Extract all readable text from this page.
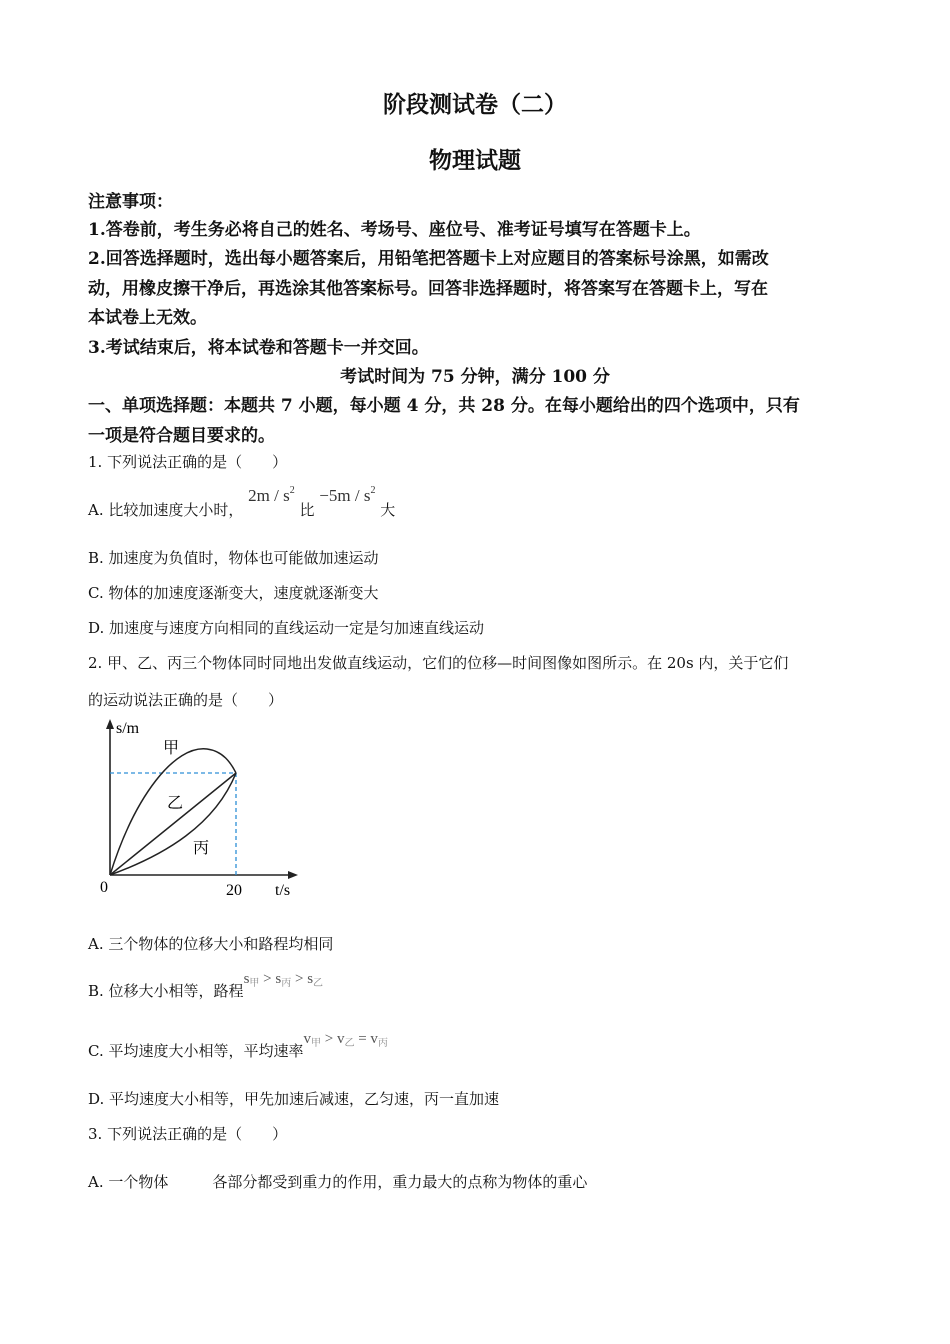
阶段测试卷（二）
物理试题
注意事项：
1.答卷前，考生务必将自己的姓名、考场号、座位号、准考证号填写在答题卡上。
2.回答选择题时，选出每小题答案后，用铅笔把答题卡上对应题目的答案标号涂黑，如需改
动，用橡皮擦干净后，再选涂其他答案标号。回答非选择题时，将答案写在答题卡上，写在
本试卷上无效。
3.考试结束后，将本试卷和答题卡一并交回。
考试时间为 75 分钟，满分 100 分
一、单项选择题：本题共 7 小题，每小题 4 分，共 28 分。在每小题给出的四个选项中，只有
一项是符合题目要求的。
1. 下列说法正确的是（　　）
A. 比较加速度大小时， $2m / s^2$ 比 $-5m / s^2$ 大
B. 加速度为负值时，物体也可能做加速运动
C. 物体的加速度逐渐变大，速度就逐渐变大
D. 加速度与速度方向相同的直线运动一定是匀加速直线运动
2. 甲、乙、丙三个物体同时同地出发做直线运动，它们的位移—时间图像如图所示。在 20s 内，关于它们
的运动说法正确的是（　　）
s/m
t/s
0	20
甲
乙
丙
A. 三个物体的位移大小和路程均相同
B. 位移大小相等，路程$s_甲 > s_丙 > s_乙$
C. 平均速度大小相等，平均速率$v_甲 > v_乙 = v_丙$
D. 平均速度大小相等，甲先加速后减速，乙匀速，丙一直加速
3. 下列说法正确的是（　　）
A. 一个物体	各部分都受到重力的作用，重力最大的点称为物体的重心
